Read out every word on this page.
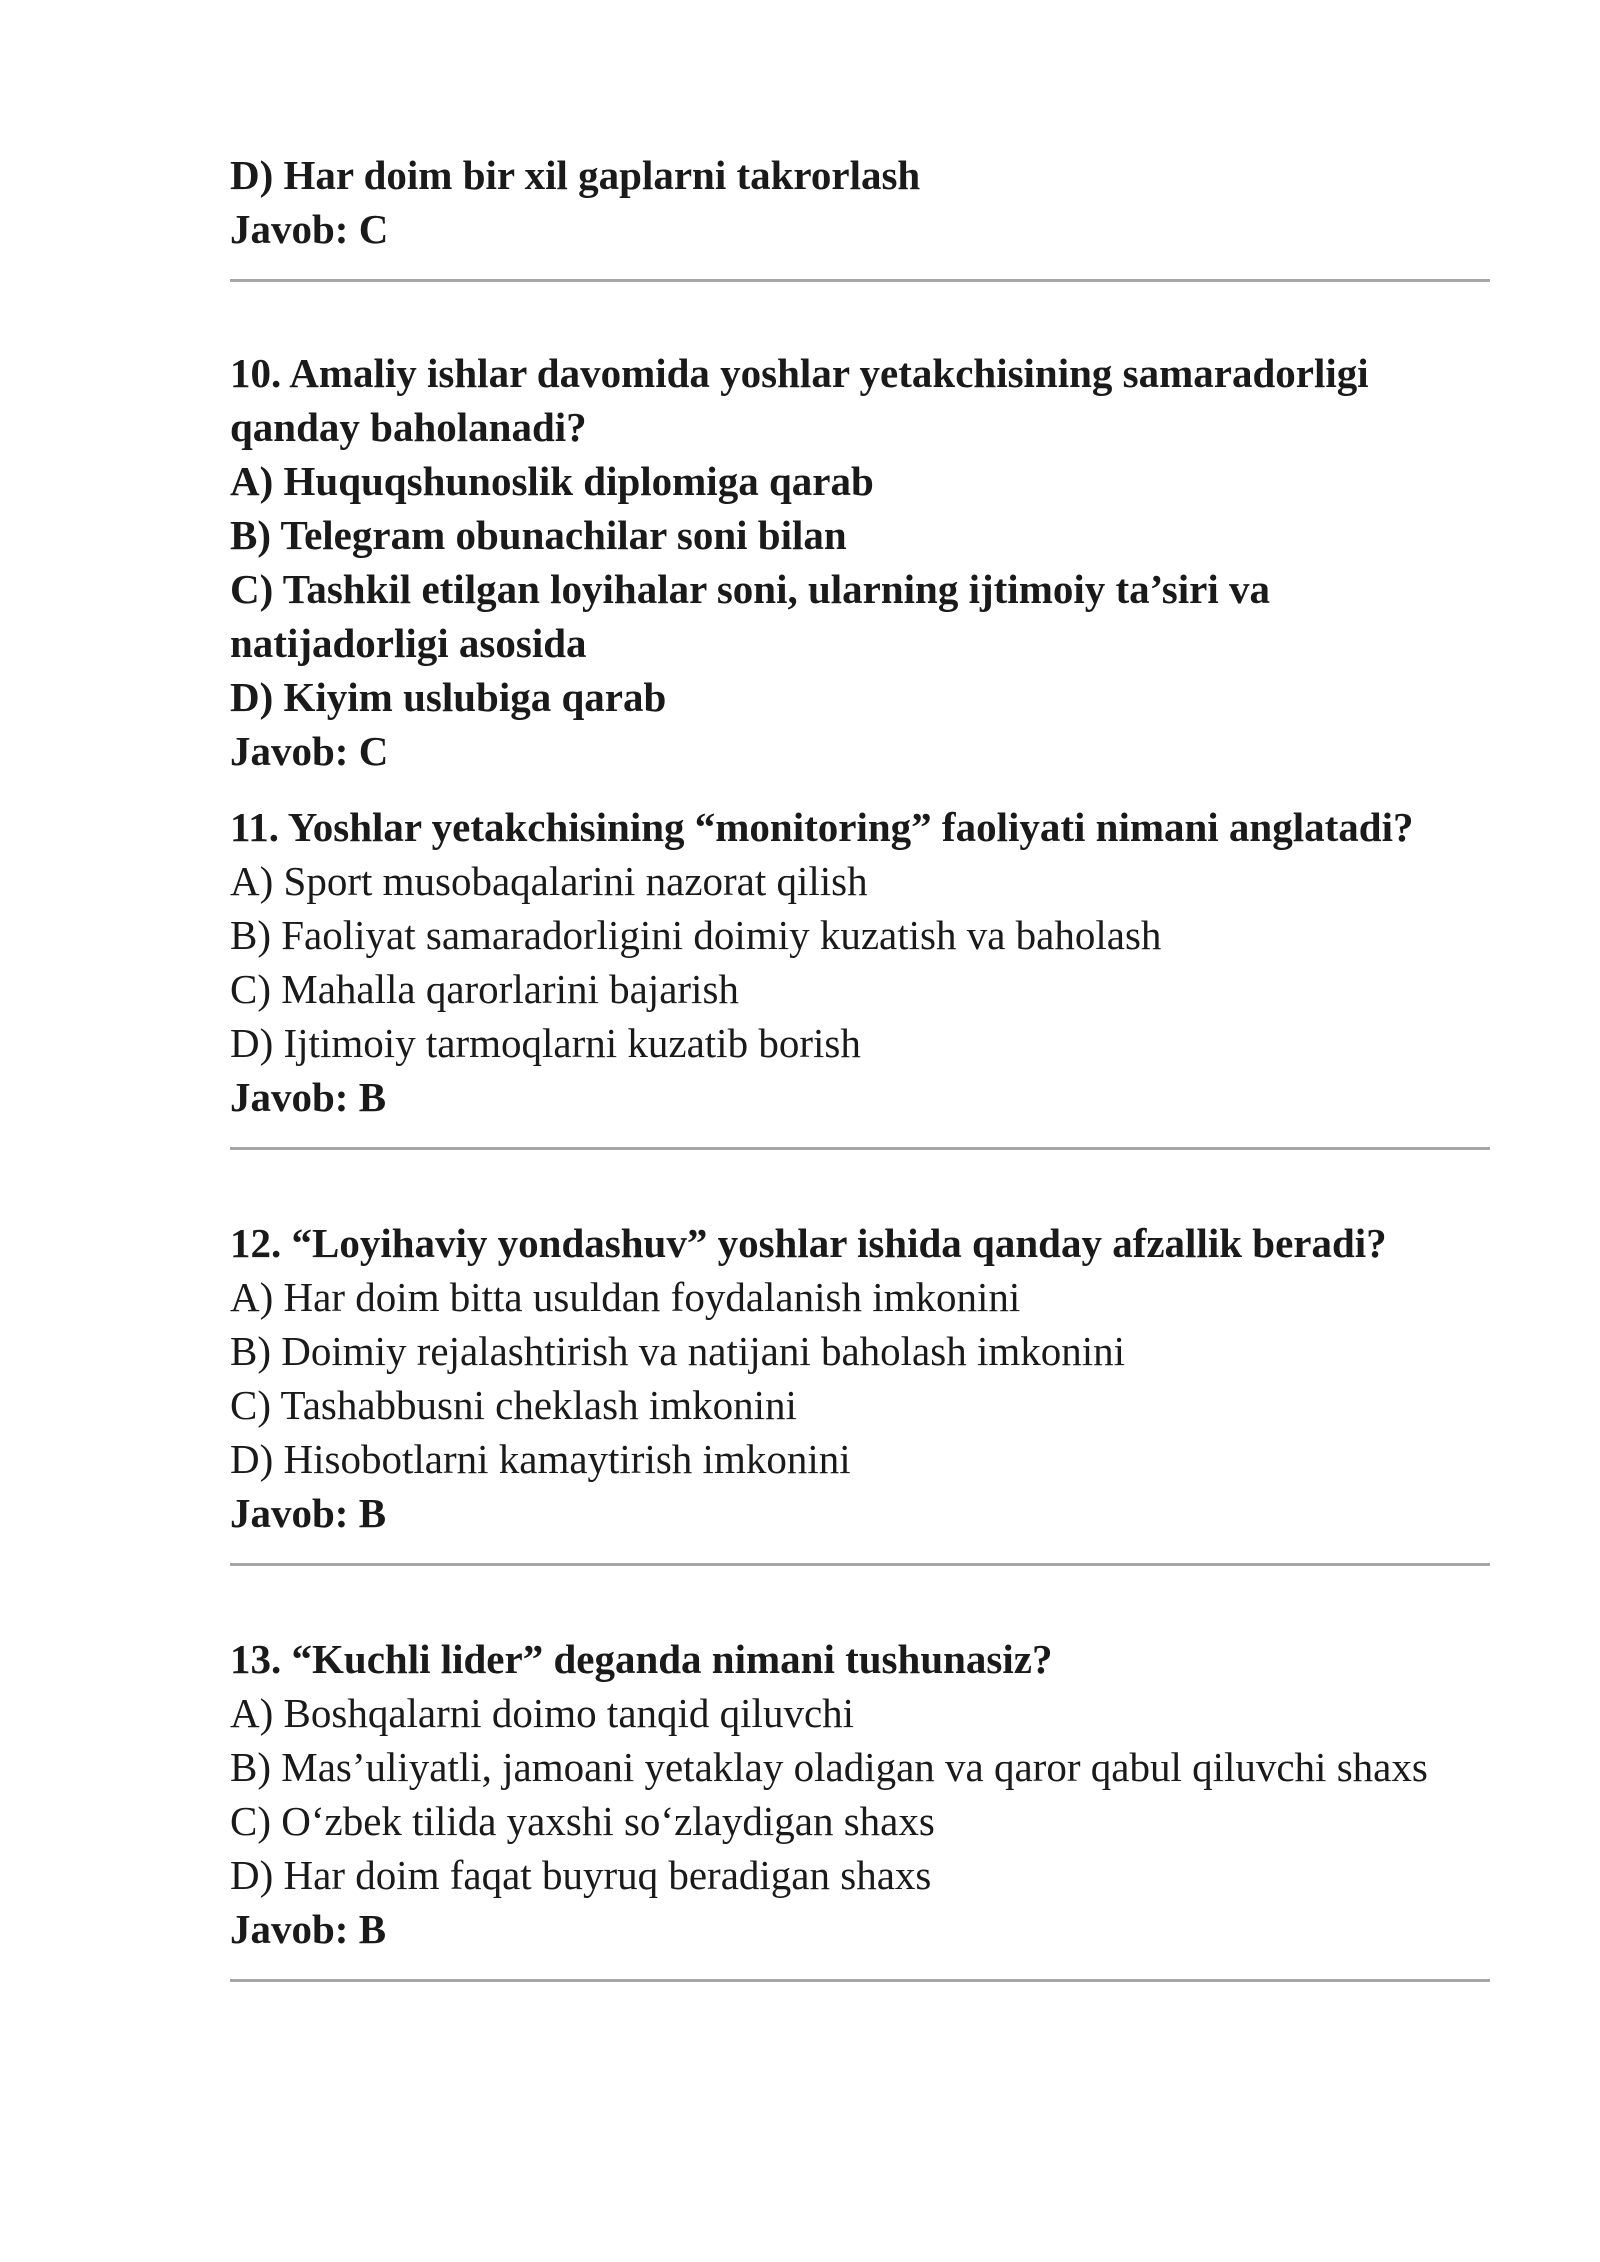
D) Har doim bir xil gaplarni takrorlash
Javob: C
10. Amaliy ishlar davomida yoshlar yetakchisining samaradorligi
qanday baholanadi?
A) Huquqshunoslik diplomiga qarab
B) Telegram obunachilar soni bilan
C) Tashkil etilgan loyihalar soni, ularning ijtimoiy ta’siri va
natijadorligi asosida
D) Kiyim uslubiga qarab
Javob: C
11. Yoshlar yetakchisining “monitoring” faoliyati nimani anglatadi?
A) Sport musobaqalarini nazorat qilish
B) Faoliyat samaradorligini doimiy kuzatish va baholash
C) Mahalla qarorlarini bajarish
D) Ijtimoiy tarmoqlarni kuzatib borish
Javob: B
12. “Loyihaviy yondashuv” yoshlar ishida qanday afzallik beradi?
A) Har doim bitta usuldan foydalanish imkonini
B) Doimiy rejalashtirish va natijani baholash imkonini
C) Tashabbusni cheklash imkonini
D) Hisobotlarni kamaytirish imkonini
Javob: B
13. “Kuchli lider” deganda nimani tushunasiz?
A) Boshqalarni doimo tanqid qiluvchi
B) Mas’uliyatli, jamoani yetaklay oladigan va qaror qabul qiluvchi shaxs
C) O‘zbek tilida yaxshi so‘zlaydigan shaxs
D) Har doim faqat buyruq beradigan shaxs
Javob: B
